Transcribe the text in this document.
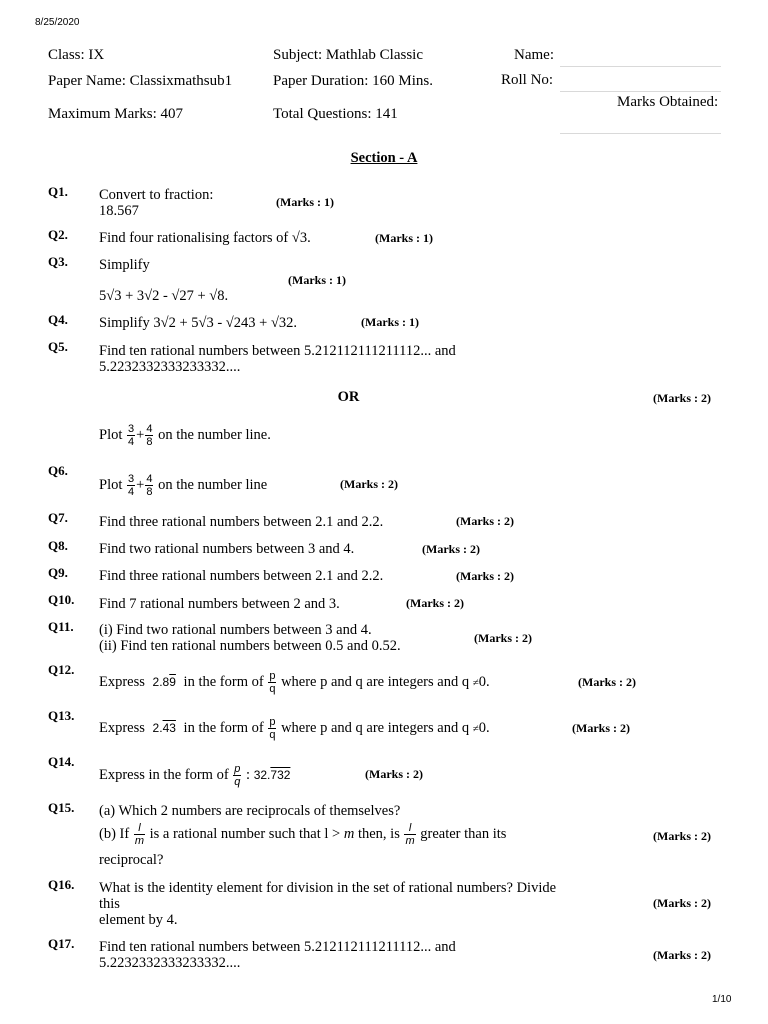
8/25/2020
1/10
Class: IX	Subject: Mathlab Classic	Name:
Paper Name: Classixmathsub1	Paper Duration: 160 Mins.	Roll No:
Marks Obtained:
Maximum Marks: 407	Total Questions: 141
Section - A
Q1. Convert to fraction:
18.567
(Marks : 1)
Q2. Find four rationalising factors of √3.	(Marks : 1)
Q3. Simplify
(Marks : 1)
5√3 + 3√2 - √27 + √8.
Q4. Simplify 3√2 + 5√3 - √243 + √32.	(Marks : 1)
Q5. Find ten rational numbers between 5.212112111211112... and
5.2232332333233332....
OR	(Marks : 2)
Plot $\frac{3}{4} + \frac{4}{8}$ on the number line.
Q6.
Plot $\frac{3}{4} + \frac{4}{8}$ on the number line	(Marks : 2)
Q7. Find three rational numbers between 2.1 and 2.2.	(Marks : 2)
Q8. Find two rational numbers between 3 and 4.	(Marks : 2)
Q9. Find three rational numbers between 2.1 and 2.2.	(Marks : 2)
Q10. Find 7 rational numbers between 2 and 3.	(Marks : 2)
Q11. (i) Find two rational numbers between 3 and 4.
(ii) Find ten rational numbers between 0.5 and 0.52.	(Marks : 2)
Q12.
Express 2.89 in the form of $\frac{p}{q}$ where p and q are integers and q ≠0.	(Marks : 2)
Q13.
Express 2.43 in the form of $\frac{p}{q}$ where p and q are integers and q ≠0.	(Marks : 2)
Q14.
Express in the form of $\frac{p}{q}$ : 32.732	(Marks : 2)
Q15. (a) Which 2 numbers are reciprocals of themselves?
(b) If $\frac{l}{m}$ is a rational number such that l > m then, is $\frac{l}{m}$ greater than its
reciprocal?
(Marks : 2)
Q16. What is the identity element for division in the set of rational numbers? Divide
this
element by 4.
(Marks : 2)
Q17. Find ten rational numbers between 5.212112111211112... and
5.2232332333233332....	(Marks : 2)
